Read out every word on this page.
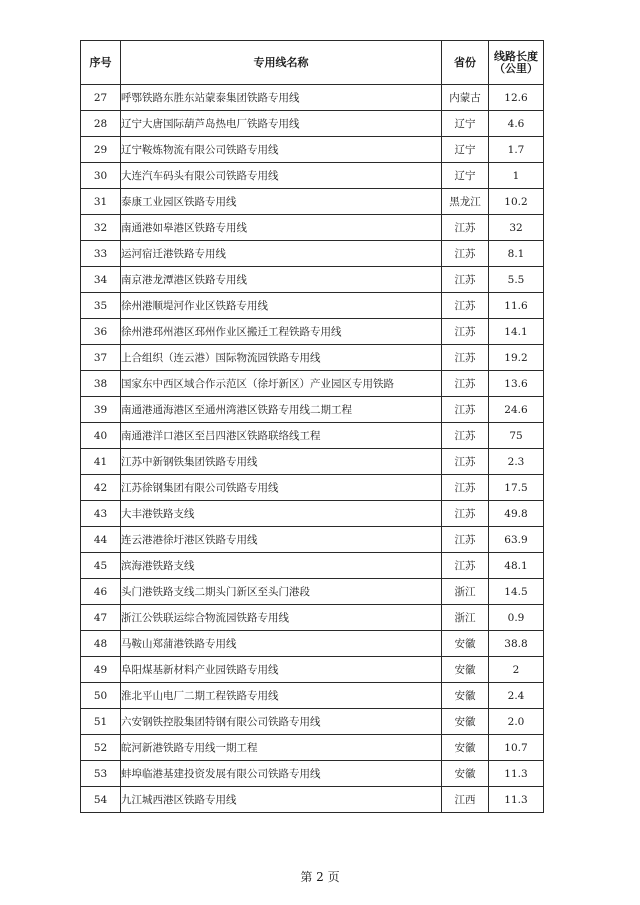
序号	专用线名称	省份	线路长度
（公里）

27	呼鄂铁路东胜东站蒙泰集团铁路专用线	内蒙古	12.6
28	辽宁大唐国际葫芦岛热电厂铁路专用线	辽宁	4.6
29	辽宁鞍炼物流有限公司铁路专用线	辽宁	1.7
30	大连汽车码头有限公司铁路专用线	辽宁	1
31	泰康工业园区铁路专用线	黑龙江	10.2
32	南通港如皋港区铁路专用线	江苏	32
33	运河宿迁港铁路专用线	江苏	8.1
34	南京港龙潭港区铁路专用线	江苏	5.5
35	徐州港顺堤河作业区铁路专用线	江苏	11.6
36	徐州港邳州港区邳州作业区搬迁工程铁路专用线	江苏	14.1
37	上合组织（连云港）国际物流园铁路专用线	江苏	19.2
38	国家东中西区域合作示范区（徐圩新区）产业园区专用铁路	江苏	13.6
39	南通港通海港区至通州湾港区铁路专用线二期工程	江苏	24.6
40	南通港洋口港区至吕四港区铁路联络线工程	江苏	75
41	江苏中新钢铁集团铁路专用线	江苏	2.3
42	江苏徐钢集团有限公司铁路专用线	江苏	17.5
43	大丰港铁路支线	江苏	49.8
44	连云港港徐圩港区铁路专用线	江苏	63.9
45	滨海港铁路支线	江苏	48.1
46	头门港铁路支线二期头门新区至头门港段	浙江	14.5
47	浙江公铁联运综合物流园铁路专用线	浙江	0.9
48	马鞍山郑蒲港铁路专用线	安徽	38.8
49	阜阳煤基新材料产业园铁路专用线	安徽	2
50	淮北平山电厂二期工程铁路专用线	安徽	2.4
51	六安钢铁控股集团特钢有限公司铁路专用线	安徽	2.0
52	皖河新港铁路专用线一期工程	安徽	10.7
53	蚌埠临港基建投资发展有限公司铁路专用线	安徽	11.3
54	九江城西港区铁路专用线	江西	11.3
第 2 页
